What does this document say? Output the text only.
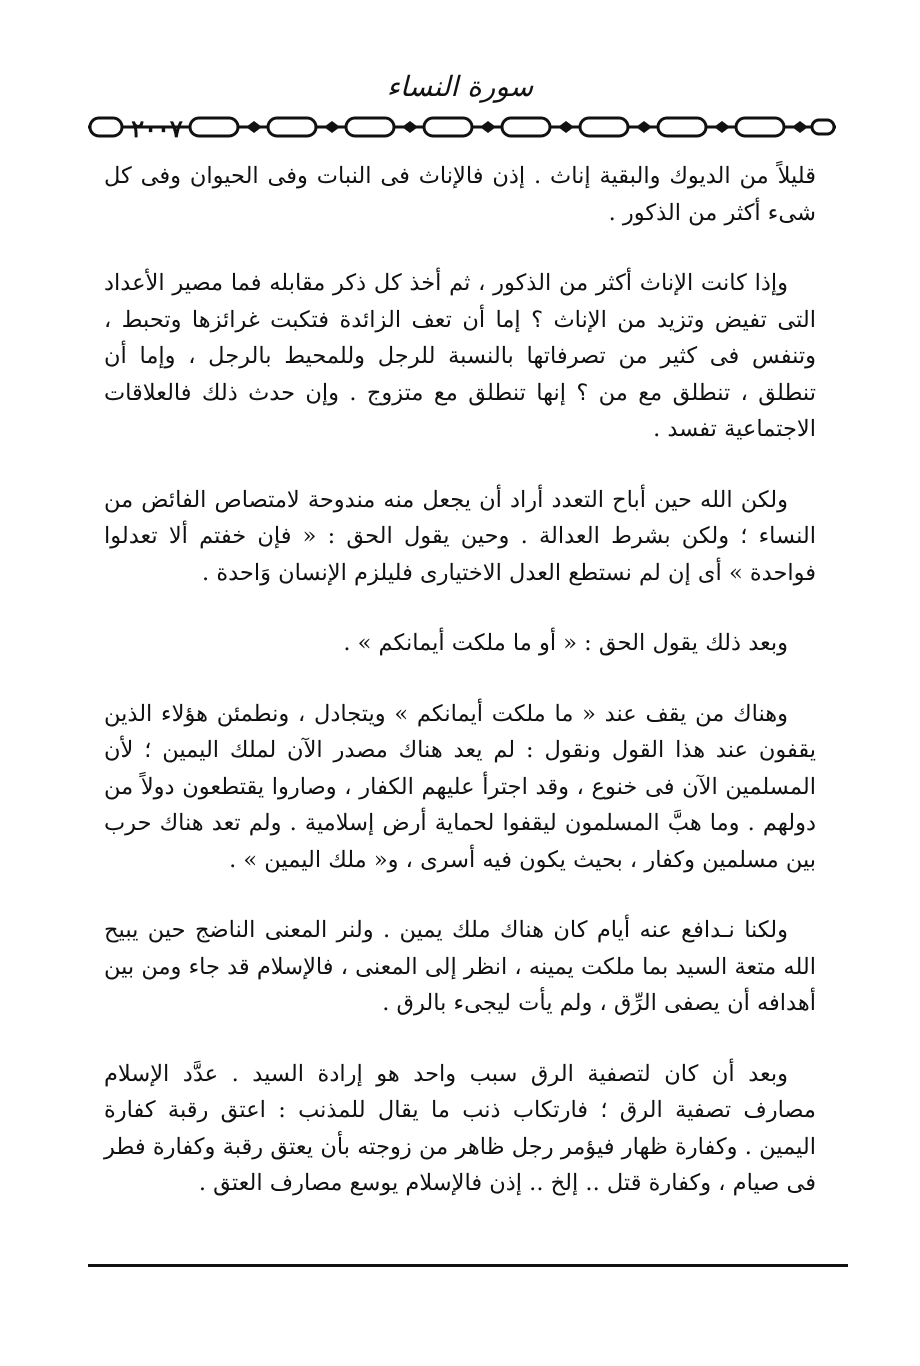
سورة النساء
٢٠٠٧

قليلاً من الديوك والبقية إناث . إذن فالإناث فى النبات وفى الحيوان وفى كل شىء أكثر من الذكور .

وإذا كانت الإناث أكثر من الذكور ، ثم أخذ كل ذكر مقابله فما مصير الأعداد التى تفيض وتزيد من الإناث ؟ إما أن تعف الزائدة فتكبت غرائزها وتحبط ، وتنفس فى كثير من تصرفاتها بالنسبة للرجل وللمحيط بالرجل ، وإما أن تنطلق ، تنطلق مع من ؟ إنها تنطلق مع متزوج . وإن حدث ذلك فالعلاقات الاجتماعية تفسد .

ولكن الله حين أباح التعدد أراد أن يجعل منه مندوحة لامتصاص الفائض من النساء ؛ ولكن بشرط العدالة . وحين يقول الحق : « فإن خفتم ألا تعدلوا فواحدة » أى إن لم نستطع العدل الاختيارى فليلزم الإنسان وَاحدة .

وبعد ذلك يقول الحق : « أو ما ملكت أيمانكم » .

وهناك من يقف عند « ما ملكت أيمانكم » ويتجادل ، ونطمئن هؤلاء الذين يقفون عند هذا القول ونقول : لم يعد هناك مصدر الآن لملك اليمين ؛ لأن المسلمين الآن فى خنوع ، وقد اجترأ عليهم الكفار ، وصاروا يقتطعون دولاً من دولهم . وما هبَّ المسلمون ليقفوا لحماية أرض إسلامية . ولم تعد هناك حرب بين مسلمين وكفار ، بحيث يكون فيه أسرى ، و« ملك اليمين » .

ولكنا نـدافع عنه أيام كان هناك ملك يمين . ولنر المعنى الناضج حين يبيح الله متعة السيد بما ملكت يمينه ، انظر إلى المعنى ، فالإسلام قد جاء ومن بين أهدافه أن يصفى الرِّق ، ولم يأت ليجىء بالرق .

وبعد أن كان لتصفية الرق سبب واحد هو إرادة السيد . عدَّد الإسلام مصارف تصفية الرق ؛ فارتكاب ذنب ما يقال للمذنب : اعتق رقبة كفارة اليمين . وكفارة ظهار فيؤمر رجل ظاهر من زوجته بأن يعتق رقبة وكفارة فطر فى صيام ، وكفارة قتل .. إلخ .. إذن فالإسلام يوسع مصارف العتق .
